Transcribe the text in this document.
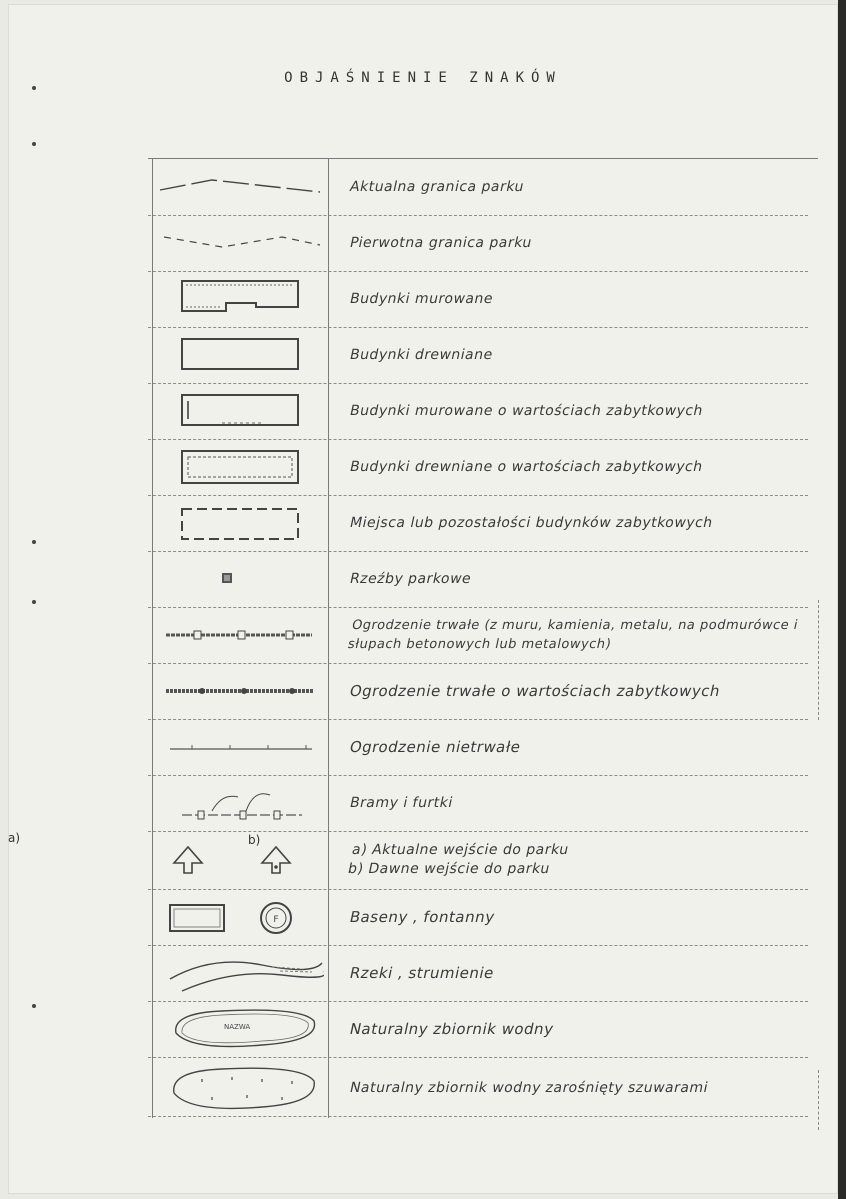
OBJAŚNIENIE ZNAKÓW
Aktualna granica parku
Pierwotna granica parku
Budynki murowane
Budynki drewniane
Budynki murowane o wartościach zabytkowych
Budynki drewniane o wartościach zabytkowych
Miejsca lub pozostałości budynków zabytkowych
Rzeźby parkowe
Ogrodzenie trwałe (z muru, kamienia, metalu, na podmurówce i słupach betonowych lub metalowych)
Ogrodzenie trwałe o wartościach zabytkowych
Ogrodzenie nietrwałe
Bramy i furtki
a)	b)
a) Aktualne wejście do parku
b) Dawne wejście do parku
F	Baseny , fontanny
Rzeki , strumienie
NAZWA	Naturalny zbiornik wodny
Naturalny zbiornik wodny zarośnięty szuwarami
